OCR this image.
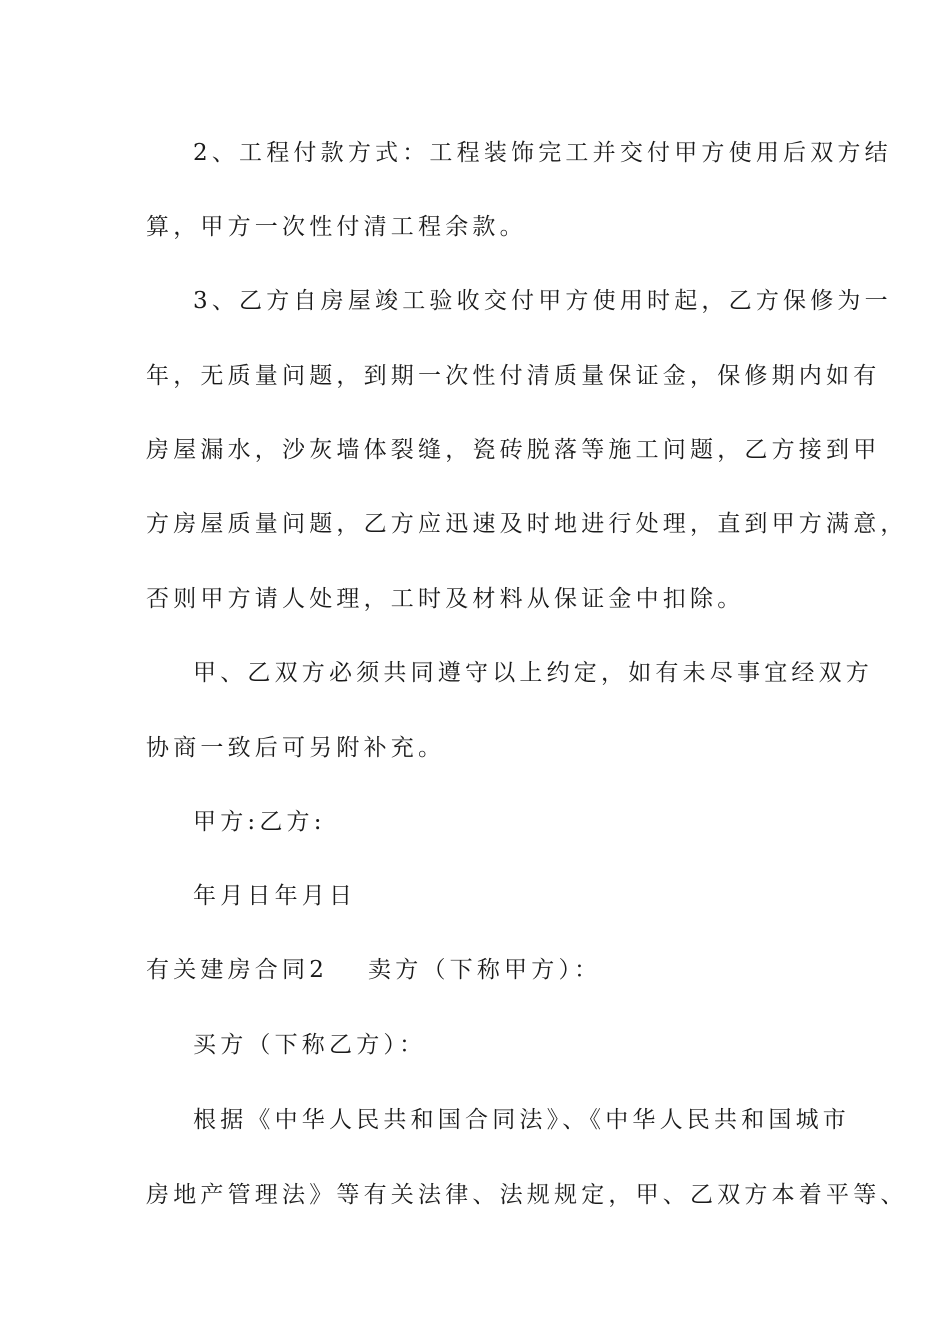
2、工程付款方式：工程装饰完工并交付甲方使用后双方结
算，甲方一次性付清工程余款。
3、乙方自房屋竣工验收交付甲方使用时起，乙方保修为一
年，无质量问题，到期一次性付清质量保证金，保修期内如有
房屋漏水，沙灰墙体裂缝，瓷砖脱落等施工问题，乙方接到甲
方房屋质量问题，乙方应迅速及时地进行处理，直到甲方满意，
否则甲方请人处理，工时及材料从保证金中扣除。
甲、乙双方必须共同遵守以上约定，如有未尽事宜经双方
协商一致后可另附补充。
甲方:乙方:
年月日年月日
有关建房合同2 卖方（下称甲方）：
买方（下称乙方）：
根据《中华人民共和国合同法》、《中华人民共和国城市
房地产管理法》等有关法律、法规规定，甲、乙双方本着平等、
